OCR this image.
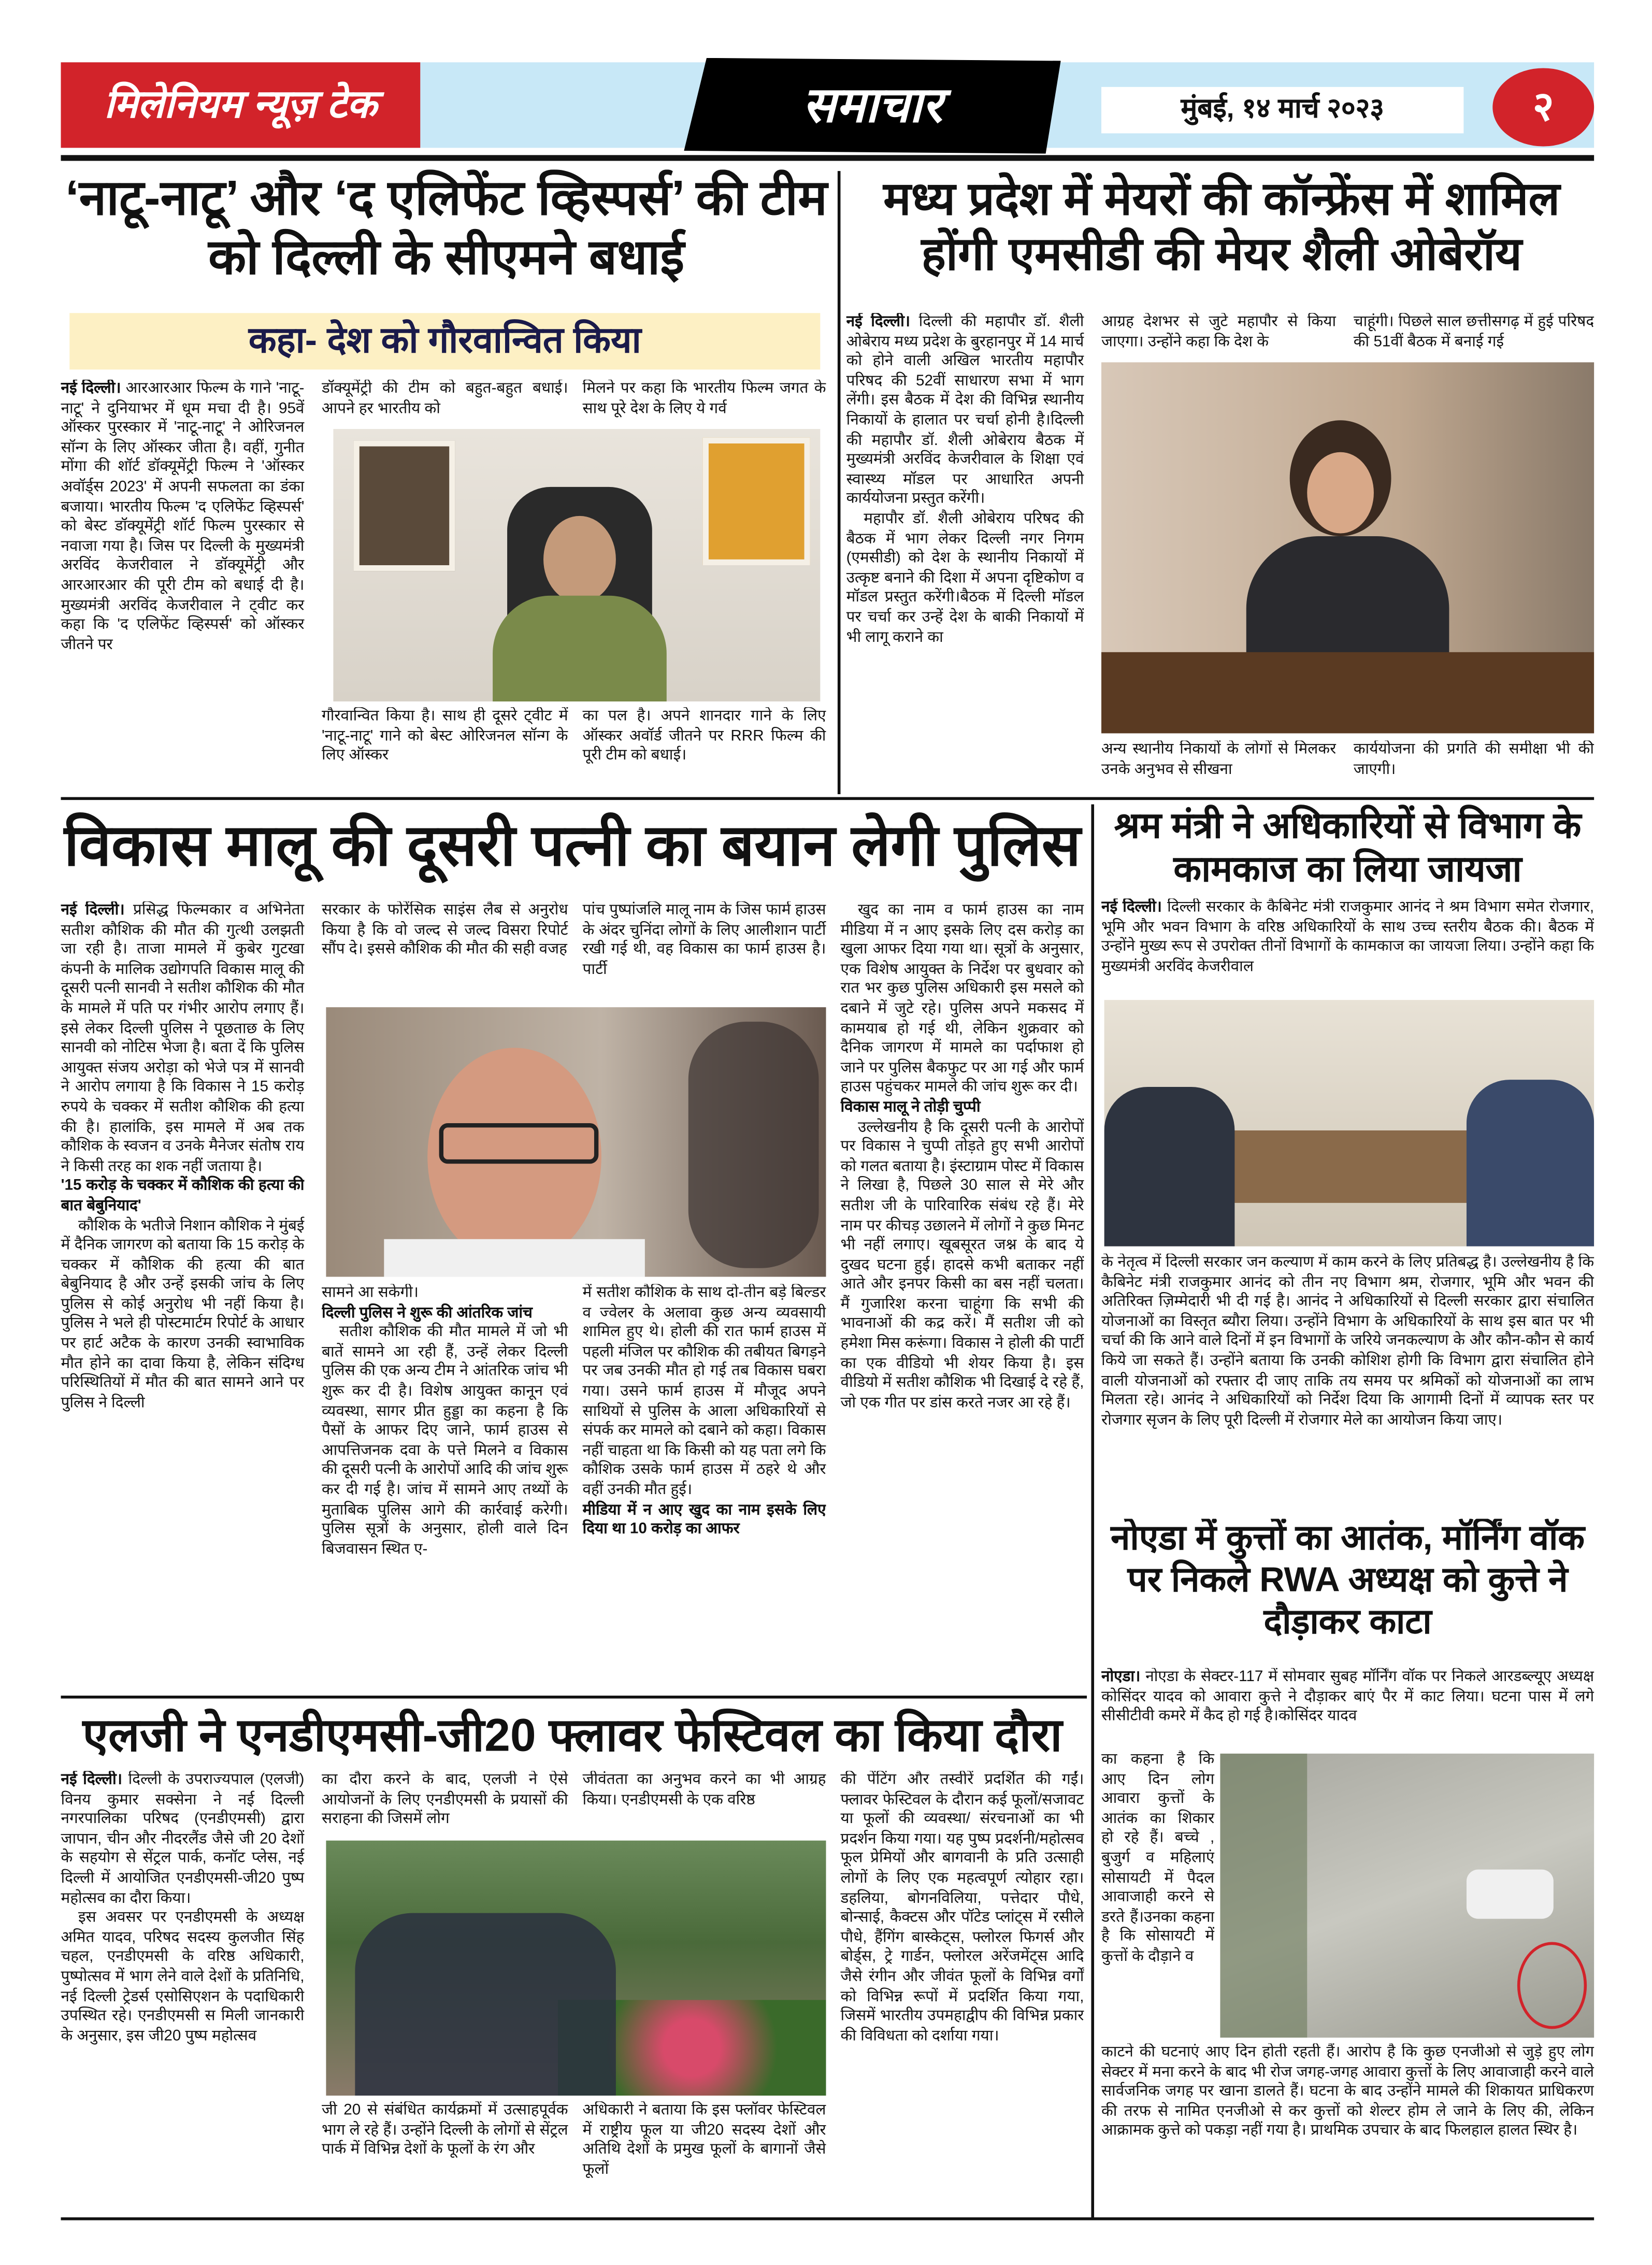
मिलेनियम न्यूज़ टेक	समाचार	मुंबई, १४ मार्च २०२३	२
‘नाटू-नाटू’ और ‘द एलिफेंट व्हिस्पर्स’ की टीम को दिल्ली के सीएमने बधाई
कहा- देश को गौरवान्वित किया

नई दिल्ली। आरआरआर फिल्म के गाने 'नाटू-नाटू' ने दुनियाभर में धूम मचा दी है। 95वें ऑस्कर पुरस्कार में 'नाटू-नाटू' ने ओरिजनल सॉन्ग के लिए ऑस्कर जीता है। वहीं, गुनीत मोंगा की शॉर्ट डॉक्यूमेंट्री फिल्म ने 'ऑस्कर अवॉर्ड्स 2023' में अपनी सफलता का डंका बजाया। भारतीय फिल्म 'द एलिफेंट व्हिस्पर्स' को बेस्ट डॉक्यूमेंट्री शॉर्ट फिल्म पुरस्कार से नवाजा गया है। जिस पर दिल्ली के मुख्यमंत्री अरविंद केजरीवाल ने डॉक्यूमेंट्री और आरआरआर की पूरी टीम को बधाई दी है। मुख्यमंत्री अरविंद केजरीवाल ने ट्वीट कर कहा कि 'द एलिफेंट व्हिस्पर्स' को ऑस्कर जीतने पर

डॉक्यूमेंट्री की टीम को बहुत-बहुत बधाई। आपने हर भारतीय को
मिलने पर कहा कि भारतीय फिल्म जगत के साथ पूरे देश के लिए ये गर्व
गौरवान्वित किया है। साथ ही दूसरे ट्वीट में 'नाटू-नाटू' गाने को बेस्ट ओरिजनल सॉन्ग के लिए ऑस्कर
का पल है। अपने शानदार गाने के लिए ऑस्कर अवॉर्ड जीतने पर RRR फिल्म की पूरी टीम को बधाई।
मध्य प्रदेश में मेयरों की कॉन्फ्रेंस में शामिल होंगी एमसीडी की मेयर शैली ओबेरॉय

नई दिल्ली। दिल्ली की महापौर डॉ. शैली ओबेराय मध्य प्रदेश के बुरहानपुर में 14 मार्च को होने वाली अखिल भारतीय महापौर परिषद की 52वीं साधारण सभा में भाग लेंगी। इस बैठक में देश की विभिन्न स्थानीय निकायों के हालात पर चर्चा होनी है।दिल्ली की महापौर डॉ. शैली ओबेराय बैठक में मुख्यमंत्री अरविंद केजरीवाल के शिक्षा एवं स्वास्थ्य मॉडल पर आधारित अपनी कार्ययोजना प्रस्तुत करेंगी।

महापौर डॉ. शैली ओबेराय परिषद की बैठक में भाग लेकर दिल्ली नगर निगम (एमसीडी) को देश के स्थानीय निकायों में उत्कृष्ट बनाने की दिशा में अपना दृष्टिकोण व मॉडल प्रस्तुत करेंगी।बैठक में दिल्ली मॉडल पर चर्चा कर उन्हें देश के बाकी निकायों में भी लागू कराने का

आग्रह देशभर से जुटे महापौर से किया जाएगा। उन्होंने कहा कि देश के
चाहूंगी। पिछले साल छत्तीसगढ़ में हुई परिषद की 51वीं बैठक में बनाई गई
अन्य स्थानीय निकायों के लोगों से मिलकर उनके अनुभव से सीखना
कार्ययोजना की प्रगति की समीक्षा भी की जाएगी।
विकास मालू की दूसरी पत्नी का बयान लेगी पुलिस

नई दिल्ली। प्रसिद्ध फिल्मकार व अभिनेता सतीश कौशिक की मौत की गुत्थी उलझती जा रही है। ताजा मामले में कुबेर गुटखा कंपनी के मालिक उद्योगपति विकास मालू की दूसरी पत्नी सानवी ने सतीश कौशिक की मौत के मामले में पति पर गंभीर आरोप लगाए हैं। इसे लेकर दिल्ली पुलिस ने पूछताछ के लिए सानवी को नोटिस भेजा है। बता दें कि पुलिस आयुक्त संजय अरोड़ा को भेजे पत्र में सानवी ने आरोप लगाया है कि विकास ने 15 करोड़ रुपये के चक्कर में सतीश कौशिक की हत्या की है। हालांकि, इस मामले में अब तक कौशिक के स्वजन व उनके मैनेजर संतोष राय ने किसी तरह का शक नहीं जताया है।

'15 करोड़ के चक्कर में कौशिक की हत्या की बात बेबुनियाद'

कौशिक के भतीजे निशान कौशिक ने मुंबई में दैनिक जागरण को बताया कि 15 करोड़ के चक्कर में कौशिक की हत्या की बात बेबुनियाद है और उन्हें इसकी जांच के लिए पुलिस से कोई अनुरोध भी नहीं किया है। पुलिस ने भले ही पोस्टमार्टम रिपोर्ट के आधार पर हार्ट अटैक के कारण उनकी स्वाभाविक मौत होने का दावा किया है, लेकिन संदिग्ध परिस्थितियों में मौत की बात सामने आने पर पुलिस ने दिल्ली

सरकार के फोरेंसिक साइंस लैब से अनुरोध किया है कि वो जल्द से जल्द विसरा रिपोर्ट सौंप दे। इससे कौशिक की मौत की सही वजह
पांच पुष्पांजलि मालू नाम के जिस फार्म हाउस के अंदर चुनिंदा लोगों के लिए आलीशान पार्टी रखी गई थी, वह विकास का फार्म हाउस है। पार्टी

सामने आ सकेगी।

दिल्ली पुलिस ने शुरू की आंतरिक जांच

सतीश कौशिक की मौत मामले में जो भी बातें सामने आ रही हैं, उन्हें लेकर दिल्ली पुलिस की एक अन्य टीम ने आंतरिक जांच भी शुरू कर दी है। विशेष आयुक्त कानून एवं व्यवस्था, सागर प्रीत हुड्डा का कहना है कि पैसों के आफर दिए जाने, फार्म हाउस से आपत्तिजनक दवा के पत्ते मिलने व विकास की दूसरी पत्नी के आरोपों आदि की जांच शुरू कर दी गई है। जांच में सामने आए तथ्यों के मुताबिक पुलिस आगे की कार्रवाई करेगी। पुलिस सूत्रों के अनुसार, होली वाले दिन बिजवासन स्थित ए-

में सतीश कौशिक के साथ दो-तीन बड़े बिल्डर व ज्वेलर के अलावा कुछ अन्य व्यवसायी शामिल हुए थे। होली की रात फार्म हाउस में पहली मंजिल पर कौशिक की तबीयत बिगड़ने पर जब उनकी मौत हो गई तब विकास घबरा गया। उसने फार्म हाउस में मौजूद अपने साथियों से पुलिस के आला अधिकारियों से संपर्क कर मामले को दबाने को कहा। विकास नहीं चाहता था कि किसी को यह पता लगे कि कौशिक उसके फार्म हाउस में ठहरे थे और वहीं उनकी मौत हुई।

मीडिया में न आए खुद का नाम इसके लिए दिया था 10 करोड़ का आफर

खुद का नाम व फार्म हाउस का नाम मीडिया में न आए इसके लिए दस करोड़ का खुला आफर दिया गया था। सूत्रों के अनुसार, एक विशेष आयुक्त के निर्देश पर बुधवार को रात भर कुछ पुलिस अधिकारी इस मसले को दबाने में जुटे रहे। पुलिस अपने मकसद में कामयाब हो गई थी, लेकिन शुक्रवार को दैनिक जागरण में मामले का पर्दाफाश हो जाने पर पुलिस बैकफुट पर आ गई और फार्म हाउस पहुंचकर मामले की जांच शुरू कर दी।

विकास मालू ने तोड़ी चुप्पी

उल्लेखनीय है कि दूसरी पत्नी के आरोपों पर विकास ने चुप्पी तोड़ते हुए सभी आरोपों को गलत बताया है। इंस्टाग्राम पोस्ट में विकास ने लिखा है, पिछले 30 साल से मेरे और सतीश जी के पारिवारिक संबंध रहे हैं। मेरे नाम पर कीचड़ उछालने में लोगों ने कुछ मिनट भी नहीं लगाए। खूबसूरत जश्न के बाद ये दुखद घटना हुई। हादसे कभी बताकर नहीं आते और इनपर किसी का बस नहीं चलता। मैं गुजारिश करना चाहूंगा कि सभी की भावनाओं की कद्र करें। मैं सतीश जी को हमेशा मिस करूंगा। विकास ने होली की पार्टी का एक वीडियो भी शेयर किया है। इस वीडियो में सतीश कौशिक भी दिखाई दे रहे हैं, जो एक गीत पर डांस करते नजर आ रहे हैं।

श्रम मंत्री ने अधिकारियों से विभाग के कामकाज का लिया जायजा

नई दिल्ली। दिल्ली सरकार के कैबिनेट मंत्री राजकुमार आनंद ने श्रम विभाग समेत रोजगार, भूमि और भवन विभाग के वरिष्ठ अधिकारियों के साथ उच्च स्तरीय बैठक की। बैठक में उन्होंने मुख्य रूप से उपरोक्त तीनों विभागों के कामकाज का जायजा लिया। उन्होंने कहा कि मुख्यमंत्री अरविंद केजरीवाल

के नेतृत्व में दिल्ली सरकार जन कल्याण में काम करने के लिए प्रतिबद्ध है। उल्लेखनीय है कि कैबिनेट मंत्री राजकुमार आनंद को तीन नए विभाग श्रम, रोजगार, भूमि और भवन की अतिरिक्त ज़िम्मेदारी भी दी गई है। आनंद ने अधिकारियों से दिल्ली सरकार द्वारा संचालित योजनाओं का विस्तृत ब्यौरा लिया। उन्होंने विभाग के अधिकारियों के साथ इस बात पर भी चर्चा की कि आने वाले दिनों में इन विभागों के जरिये जनकल्याण के और कौन-कौन से कार्य किये जा सकते हैं। उन्होंने बताया कि उनकी कोशिश होगी कि विभाग द्वारा संचालित होने वाली योजनाओं को रफ्तार दी जाए ताकि तय समय पर श्रमिकों को योजनाओं का लाभ मिलता रहे। आनंद ने अधिकारियों को निर्देश दिया कि आगामी दिनों में व्यापक स्तर पर रोजगार सृजन के लिए पूरी दिल्ली में रोजगार मेले का आयोजन किया जाए।
नोएडा में कुत्तों का आतंक, मॉर्निंग वॉक पर निकले RWA अध्यक्ष को कुत्ते ने दौड़ाकर काटा

नोएडा। नोएडा के सेक्टर-117 में सोमवार सुबह मॉर्निंग वॉक पर निकले आरडब्ल्यूए अध्यक्ष कोसिंदर यादव को आवारा कुत्ते ने दौड़ाकर बाएं पैर में काट लिया। घटना पास में लगे सीसीटीवी कमरे में कैद हो गई है।कोसिंदर यादव

का कहना है कि आए दिन लोग आवारा कुत्तों के आतंक का शिकार हो रहे हैं। बच्चे , बुजुर्ग व महिलाएं सोसायटी में पैदल आवाजाही करने से डरते हैं।उनका कहना है कि सोसायटी में कुत्तों के दौड़ाने व
काटने की घटनाएं आए दिन होती रहती हैं। आरोप है कि कुछ एनजीओ से जुड़े हुए लोग सेक्टर में मना करने के बाद भी रोज जगह-जगह आवारा कुत्तों के लिए आवाजाही करने वाले सार्वजनिक जगह पर खाना डालते हैं। घटना के बाद उन्होंने मामले की शिकायत प्राधिकरण की तरफ से नामित एनजीओ से कर कुत्तों को शेल्टर होम ले जाने के लिए की, लेकिन आक्रामक कुत्ते को पकड़ा नहीं गया है। प्राथमिक उपचार के बाद फिलहाल हालत स्थिर है।
एलजी ने एनडीएमसी-जी20 फ्लावर फेस्टिवल का किया दौरा

नई दिल्ली। दिल्ली के उपराज्यपाल (एलजी) विनय कुमार सक्सेना ने नई दिल्ली नगरपालिका परिषद (एनडीएमसी) द्वारा जापान, चीन और नीदरलैंड जैसे जी 20 देशों के सहयोग से सेंट्रल पार्क, कनॉट प्लेस, नई दिल्ली में आयोजित एनडीएमसी-जी20 पुष्प महोत्सव का दौरा किया।

इस अवसर पर एनडीएमसी के अध्यक्ष अमित यादव, परिषद सदस्य कुलजीत सिंह चहल, एनडीएमसी के वरिष्ठ अधिकारी, पुष्पोत्सव में भाग लेने वाले देशों के प्रतिनिधि, नई दिल्ली ट्रेडर्स एसोसिएशन के पदाधिकारी उपस्थित रहे। एनडीएमसी स मिली जानकारी के अनुसार, इस जी20 पुष्प महोत्सव

का दौरा करने के बाद, एलजी ने ऐसे आयोजनों के लिए एनडीएमसी के प्रयासों की सराहना की जिसमें लोग
जीवंतता का अनुभव करने का भी आग्रह किया। एनडीएमसी के एक वरिष्ठ
जी 20 से संबंधित कार्यक्रमों में उत्साहपूर्वक भाग ले रहे हैं। उन्होंने दिल्ली के लोगों से सेंट्रल पार्क में विभिन्न देशों के फूलों के रंग और
अधिकारी ने बताया कि इस फ्लॉवर फेस्टिवल में राष्ट्रीय फूल या जी20 सदस्य देशों और अतिथि देशों के प्रमुख फूलों के बागानों जैसे फूलों
की पेंटिंग और तस्वीरें प्रदर्शित की गईं। फ्लावर फेस्टिवल के दौरान कई फूलों/सजावट या फूलों की व्यवस्था/ संरचनाओं का भी प्रदर्शन किया गया। यह पुष्प प्रदर्शनी/महोत्सव फूल प्रेमियों और बागवानी के प्रति उत्साही लोगों के लिए एक महत्वपूर्ण त्योहार रहा। डहलिया, बोगनविलिया, पत्तेदार पौधे, बोन्साई, कैक्टस और पॉटेड प्लांट्स में रसीले पौधे, हैंगिंग बास्केट्स, फ्लोरल फिगर्स और बोर्ड्स, ट्रे गार्डन, फ्लोरल अरेंजमेंट्स आदि जैसे रंगीन और जीवंत फूलों के विभिन्न वर्गों को विभिन्न रूपों में प्रदर्शित किया गया, जिसमें भारतीय उपमहाद्वीप की विभिन्न प्रकार की विविधता को दर्शाया गया।
